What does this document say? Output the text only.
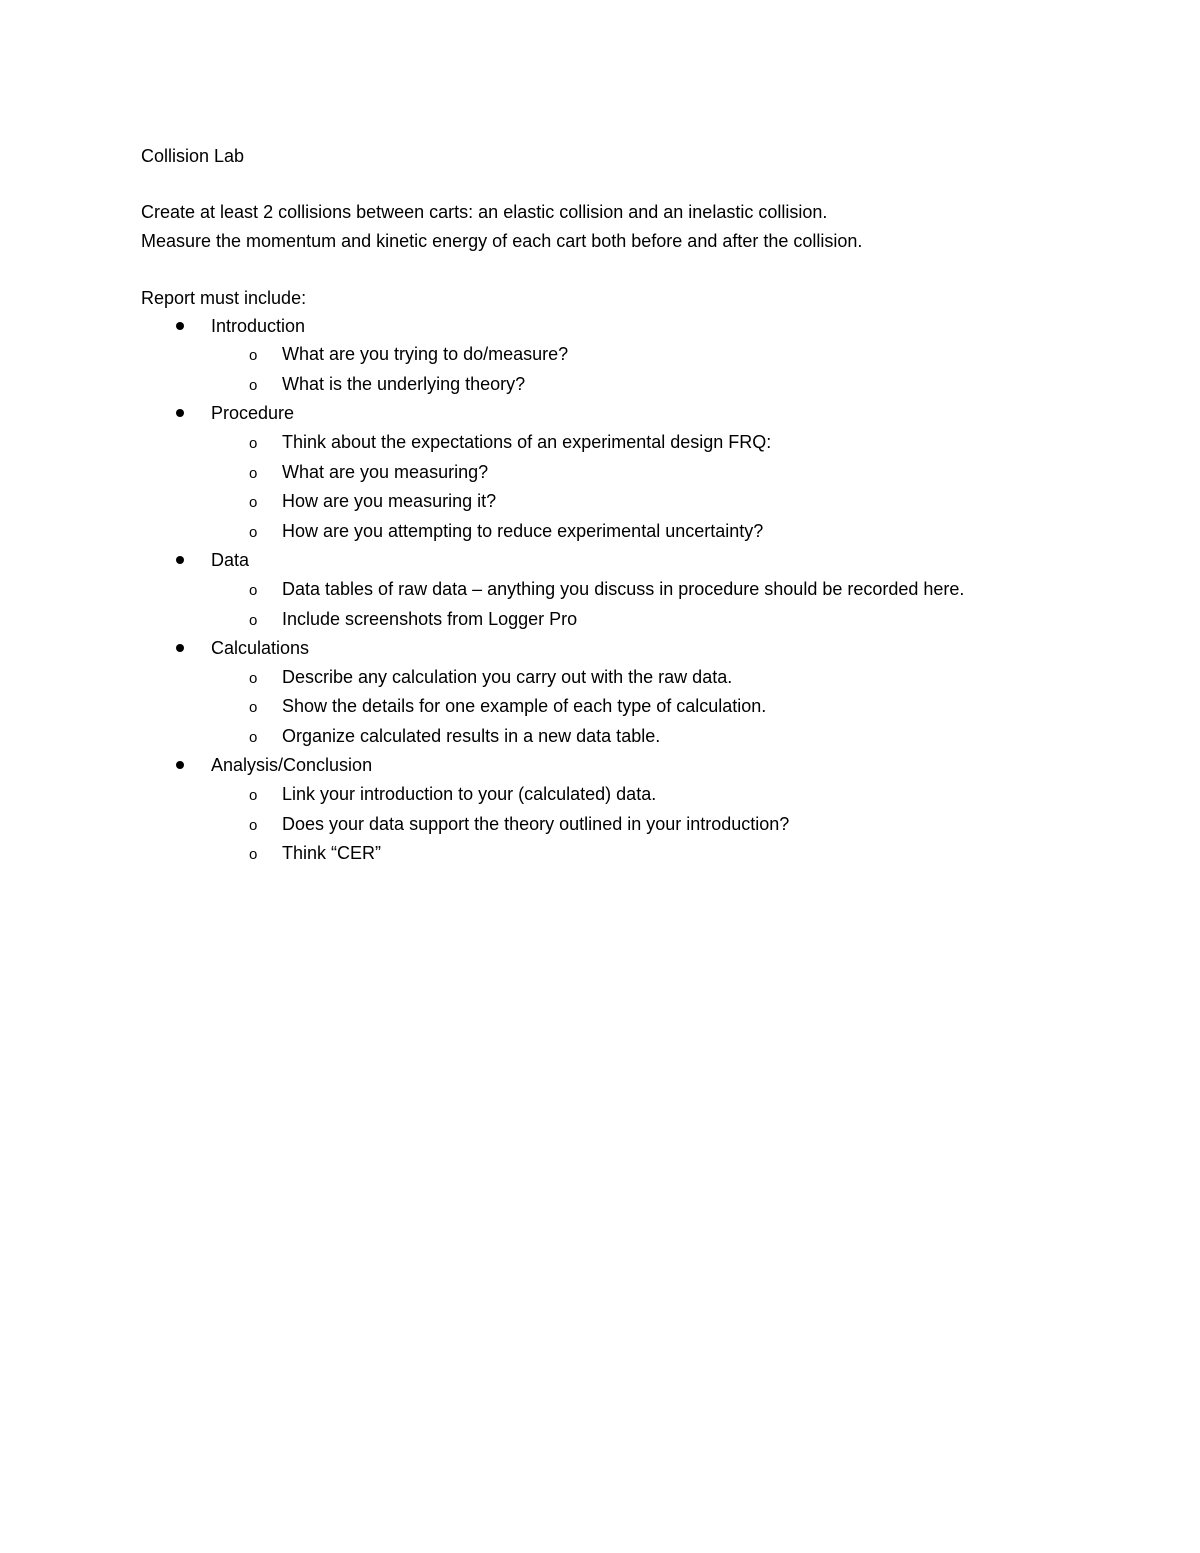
Collision Lab
Create at least 2 collisions between carts: an elastic collision and an inelastic collision.
Measure the momentum and kinetic energy of each cart both before and after the collision.
Report must include:
Introduction
o What are you trying to do/measure?
o What is the underlying theory?
Procedure
o Think about the expectations of an experimental design FRQ:
o What are you measuring?
o How are you measuring it?
o How are you attempting to reduce experimental uncertainty?
Data
o Data tables of raw data – anything you discuss in procedure should be recorded here.
o Include screenshots from Logger Pro
Calculations
o Describe any calculation you carry out with the raw data.
o Show the details for one example of each type of calculation.
o Organize calculated results in a new data table.
Analysis/Conclusion
o Link your introduction to your (calculated) data.
o Does your data support the theory outlined in your introduction?
o Think “CER”
